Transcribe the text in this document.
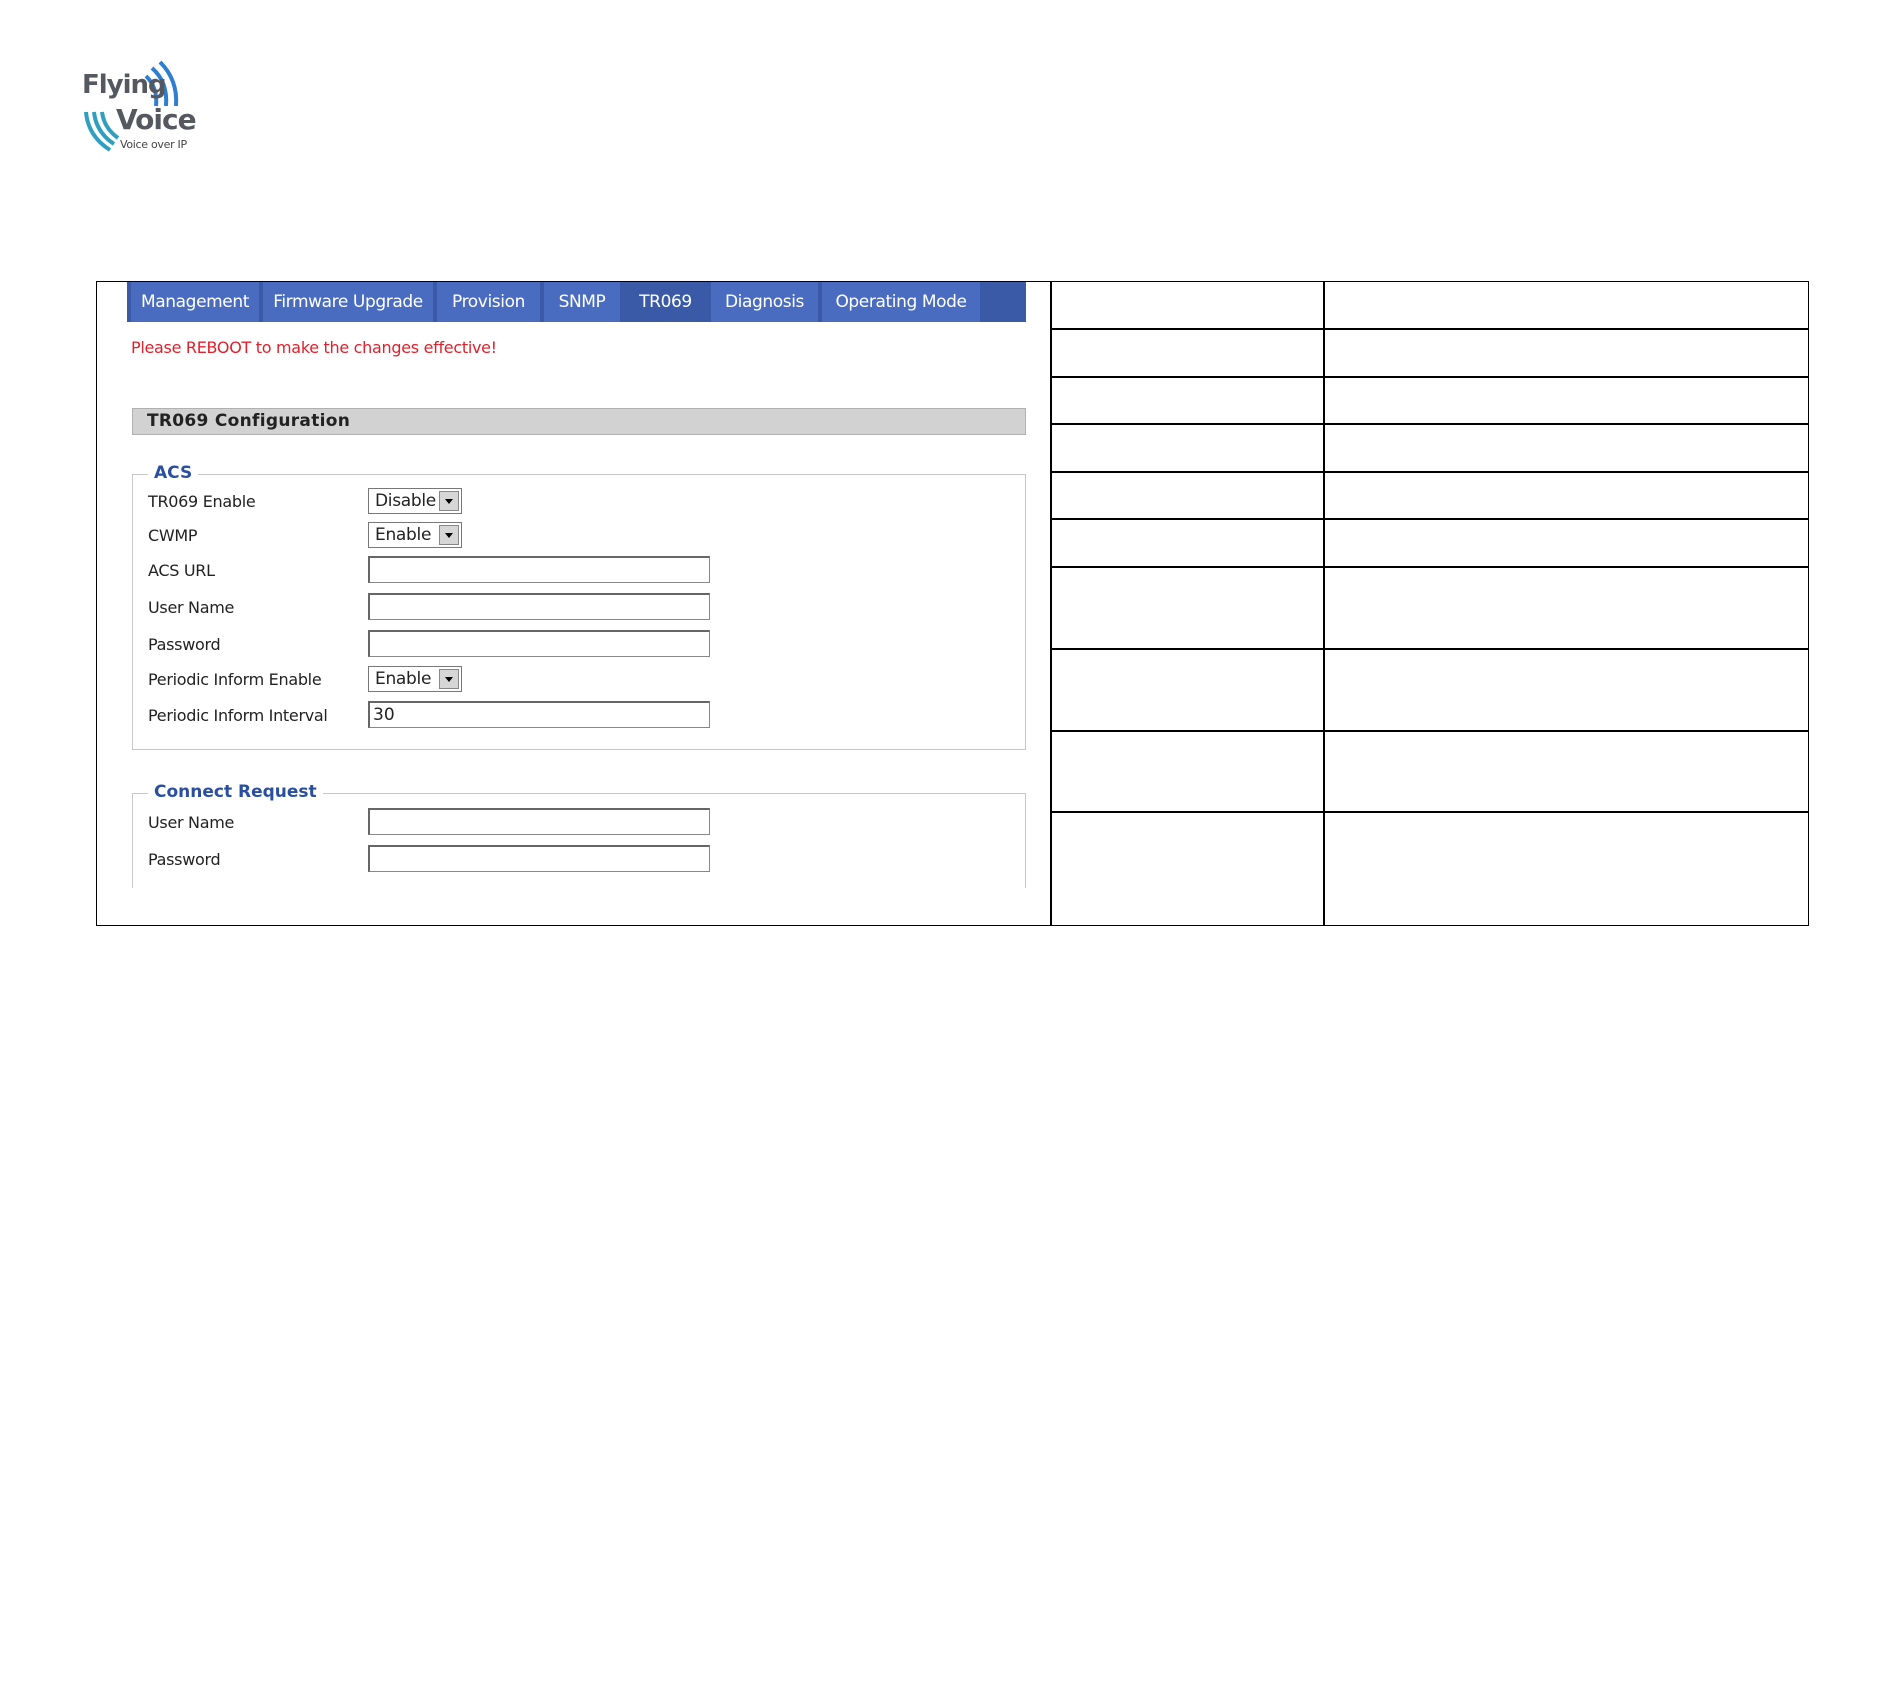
Flying
Voice
Voice over IP
Management	Firmware Upgrade	Provision	SNMP	TR069	Diagnosis	Operating Mode
Please REBOOT to make the changes effective!
TR069 Configuration
ACS
TR069 Enable	Disable
CWMP	Enable
ACS URL
User Name
Password
Periodic Inform Enable	Enable
Periodic Inform Interval	30
Connect Request
User Name
Password
